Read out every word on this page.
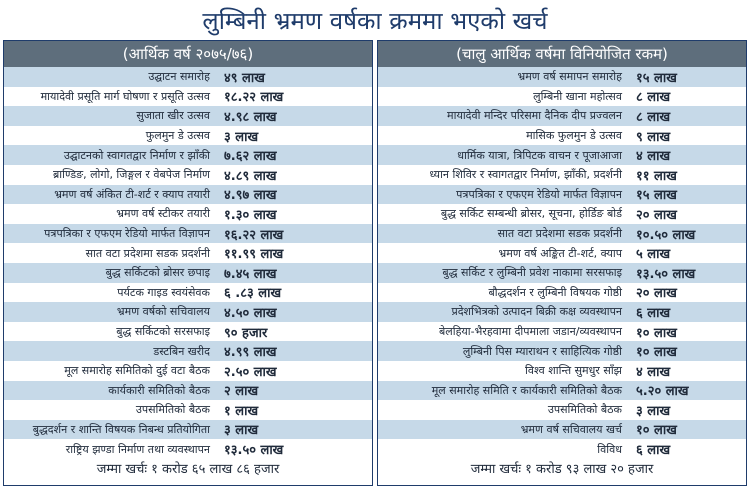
लुम्बिनी भ्रमण वर्षका क्रममा भएको खर्च
(आर्थिक वर्ष २०७५/७६)
उद्घाटन समारोह	४९ लाख
मायादेवी प्रसूति मार्ग घोषणा र प्रसूति उत्सव	१८.२२ लाख
सुजाता खीर उत्सव	४.९८ लाख
फुलमुन डे उत्सव	३ लाख
उद्घाटनको स्वागतद्वार निर्माण र झाँकी	७.६२ लाख
ब्राण्डिङ, लोगो, जिङ्गल र वेबपेज निर्माण	४.८९ लाख
भ्रमण वर्ष अंकित टी-शर्ट र क्याप तयारी	४.९७ लाख
भ्रमण वर्ष स्टीकर तयारी	१.३० लाख
पत्रपत्रिका र एफएम रेडियो मार्फत विज्ञापन	१६.२२ लाख
सात वटा प्रदेशमा सडक प्रदर्शनी	११.९९ लाख
बुद्ध सर्किटको ब्रोसर छपाइ	७.४५ लाख
पर्यटक गाइड स्वयंसेवक	६ .८३ लाख
भ्रमण वर्षको सचिवालय	४.५० लाख
बुद्ध सर्किटको सरसफाइ	९० हजार
डस्टबिन खरीद	४.९९ लाख
मूल समारोह समितिको दुई वटा बैठक	२.५० लाख
कार्यकारी समितिको बैठक	२ लाख
उपसमितिको बैठक	१ लाख
बुद्धदर्शन र शान्ति विषयक निबन्ध प्रतियोगिता	३ लाख
राष्ट्रिय झण्डा निर्माण तथा व्यवस्थापन	१३.५० लाख
जम्मा खर्चः १ करोड ६५ लाख ८६ हजार
(चालु आर्थिक वर्षमा विनियोजित रकम)
भ्रमण वर्ष समापन समारोह	१५ लाख
लुम्बिनी खाना महोत्सव	८ लाख
मायादेवी मन्दिर परिसमा दैनिक दीप प्रज्वलन	८ लाख
मासिक फुलमुन डे उत्सव	९ लाख
धार्मिक यात्रा, त्रिपिटक वाचन र पूजाआजा	४ लाख
ध्यान शिविर र स्वागतद्वार निर्माण, झाँकी, प्रदर्शनी	११ लाख
पत्रपत्रिका र एफएम रेडियो मार्फत विज्ञापन	१५ लाख
बुद्ध सर्किट सम्बन्धी ब्रोसर, सूचना, होर्डिङ बोर्ड	२० लाख
सात वटा प्रदेशमा सडक प्रदर्शनी	१०.५० लाख
भ्रमण वर्ष अङ्कित टी-शर्ट, क्याप	५ लाख
बुद्ध सर्किट र लुम्बिनी प्रवेश नाकामा सरसफाइ	१३.५० लाख
बौद्धदर्शन र लुम्बिनी विषयक गोष्ठी	२० लाख
प्रदेशभित्रको उत्पादन बिक्री कक्ष व्यवस्थापन	६ लाख
बेलहिया-भैरहवामा दीपमाला जडान/व्यवस्थापन	१० लाख
लुम्बिनी पिस म्याराथन र साहित्यिक गोष्ठी	१० लाख
विश्व शान्ति सुमधुर साँझ	४ लाख
मूल समारोह समिति र कार्यकारी समितिको बैठक	५.२० लाख
उपसमितिको बैठक	३ लाख
भ्रमण वर्ष सचिवालय खर्च	१० लाख
विविध	६ लाख
जम्मा खर्चः १ करोड ९३ लाख २० हजार
